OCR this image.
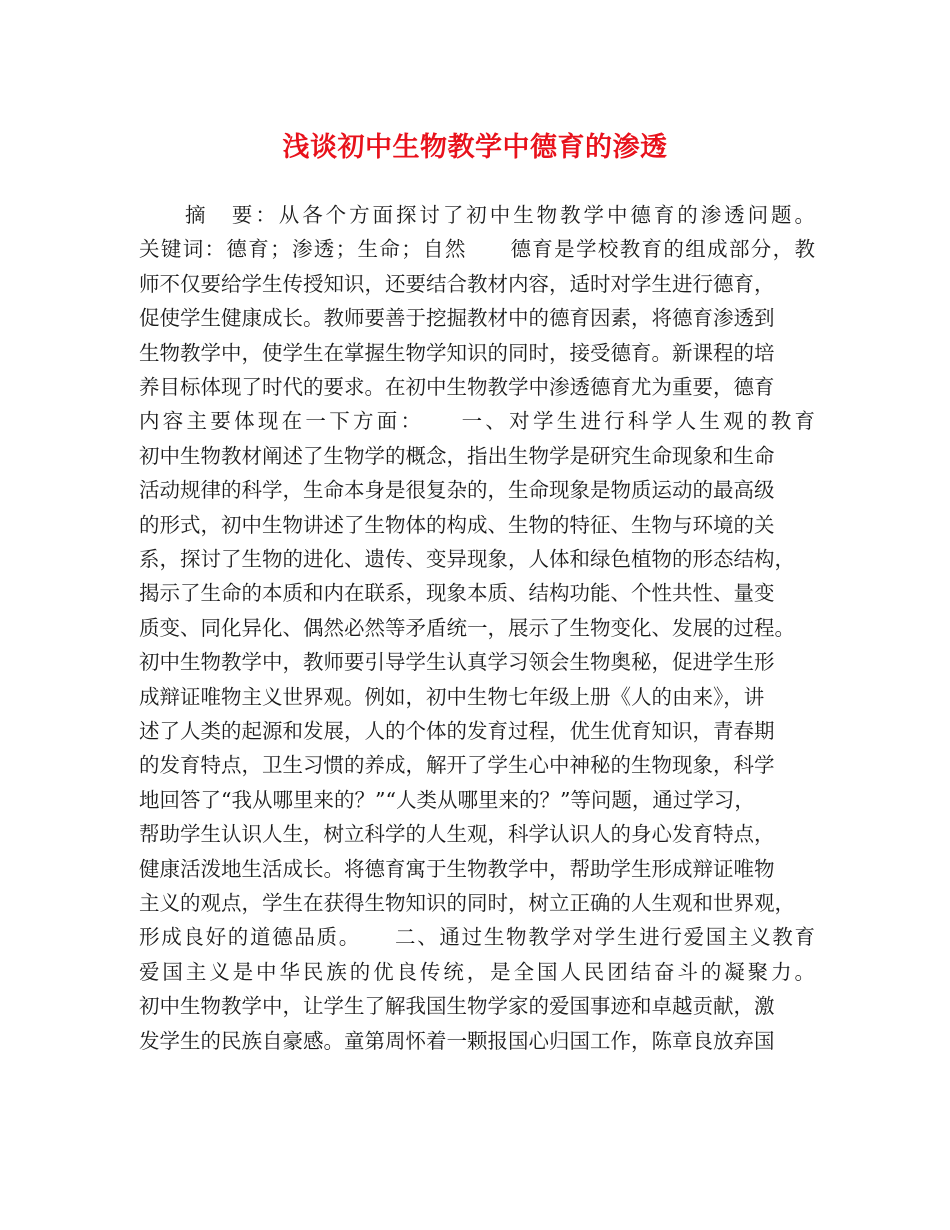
浅谈初中生物教学中德育的渗透
摘　要：从各个方面探讨了初中生物教学中德育的渗透问题。
关键词：德育；渗透；生命；自然　　德育是学校教育的组成部分，教
师不仅要给学生传授知识，还要结合教材内容，适时对学生进行德育，
促使学生健康成长。教师要善于挖掘教材中的德育因素，将德育渗透到
生物教学中，使学生在掌握生物学知识的同时，接受德育。新课程的培
养目标体现了时代的要求。在初中生物教学中渗透德育尤为重要，德育
内容主要体现在一下方面：　　一、对学生进行科学人生观的教育
初中生物教材阐述了生物学的概念，指出生物学是研究生命现象和生命
活动规律的科学，生命本身是很复杂的，生命现象是物质运动的最高级
的形式，初中生物讲述了生物体的构成、生物的特征、生物与环境的关
系，探讨了生物的进化、遗传、变异现象，人体和绿色植物的形态结构，
揭示了生命的本质和内在联系，现象本质、结构功能、个性共性、量变
质变、同化异化、偶然必然等矛盾统一，展示了生物变化、发展的过程。
初中生物教学中，教师要引导学生认真学习领会生物奥秘，促进学生形
成辩证唯物主义世界观。例如，初中生物七年级上册《人的由来》，讲
述了人类的起源和发展，人的个体的发育过程，优生优育知识，青春期
的发育特点，卫生习惯的养成，解开了学生心中神秘的生物现象，科学
地回答了“我从哪里来的？”“人类从哪里来的？”等问题，通过学习，
帮助学生认识人生，树立科学的人生观，科学认识人的身心发育特点，
健康活泼地生活成长。将德育寓于生物教学中，帮助学生形成辩证唯物
主义的观点，学生在获得生物知识的同时，树立正确的人生观和世界观，
形成良好的道德品质。　　二、通过生物教学对学生进行爱国主义教育
爱国主义是中华民族的优良传统，是全国人民团结奋斗的凝聚力。
初中生物教学中，让学生了解我国生物学家的爱国事迹和卓越贡献，激
发学生的民族自豪感。童第周怀着一颗报国心归国工作，陈章良放弃国
